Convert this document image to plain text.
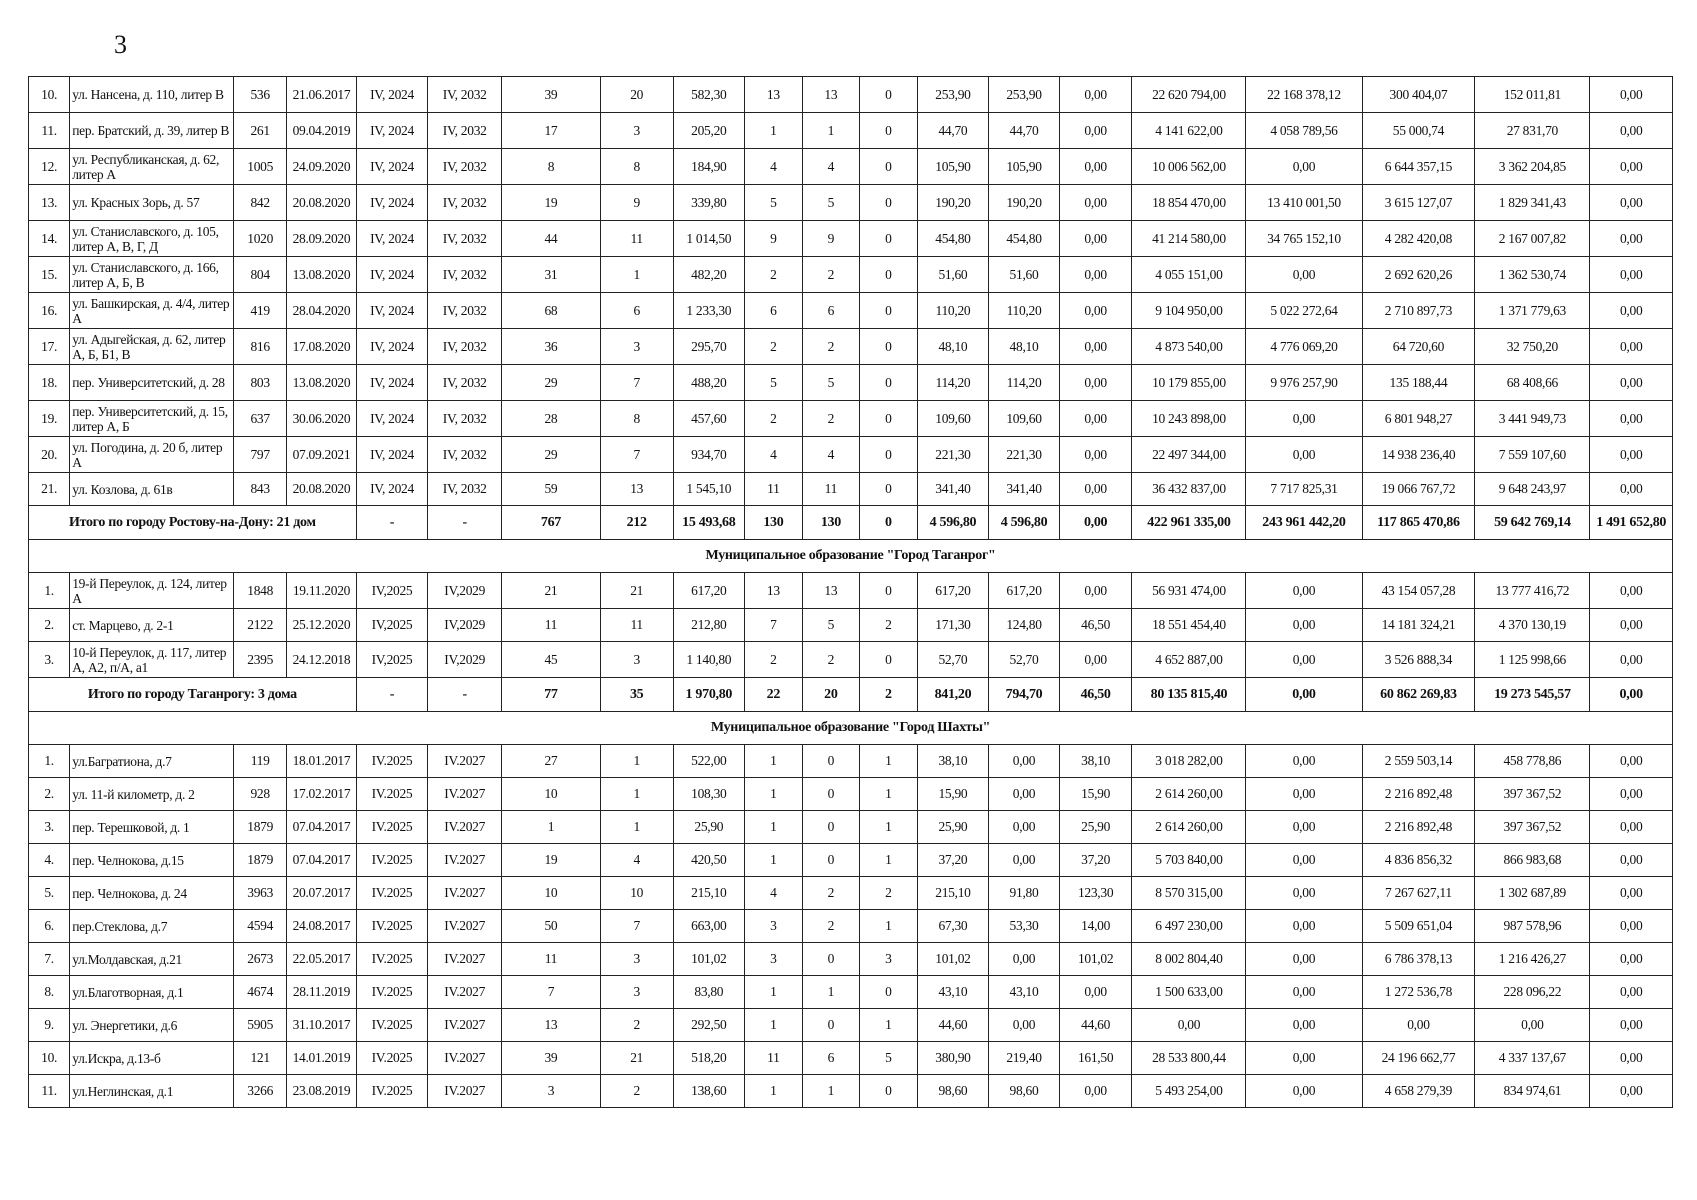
3
10.	ул. Нансена, д. 110, литер В	536	21.06.2017	IV, 2024	IV, 2032	39	20	582,30	13	13	0	253,90	253,90	0,00	22 620 794,00	22 168 378,12	300 404,07	152 011,81	0,00
11.	пер. Братский, д. 39, литер В	261	09.04.2019	IV, 2024	IV, 2032	17	3	205,20	1	1	0	44,70	44,70	0,00	4 141 622,00	4 058 789,56	55 000,74	27 831,70	0,00
12.	ул. Республиканская, д. 62, литер А	1005	24.09.2020	IV, 2024	IV, 2032	8	8	184,90	4	4	0	105,90	105,90	0,00	10 006 562,00	0,00	6 644 357,15	3 362 204,85	0,00
13.	ул. Красных Зорь, д. 57	842	20.08.2020	IV, 2024	IV, 2032	19	9	339,80	5	5	0	190,20	190,20	0,00	18 854 470,00	13 410 001,50	3 615 127,07	1 829 341,43	0,00
14.	ул. Станиславского, д. 105, литер А, В, Г, Д	1020	28.09.2020	IV, 2024	IV, 2032	44	11	1 014,50	9	9	0	454,80	454,80	0,00	41 214 580,00	34 765 152,10	4 282 420,08	2 167 007,82	0,00
15.	ул. Станиславского, д. 166, литер А, Б, В	804	13.08.2020	IV, 2024	IV, 2032	31	1	482,20	2	2	0	51,60	51,60	0,00	4 055 151,00	0,00	2 692 620,26	1 362 530,74	0,00
16.	ул. Башкирская, д. 4/4, литер А	419	28.04.2020	IV, 2024	IV, 2032	68	6	1 233,30	6	6	0	110,20	110,20	0,00	9 104 950,00	5 022 272,64	2 710 897,73	1 371 779,63	0,00
17.	ул. Адыгейская, д. 62, литер А, Б, Б1, В	816	17.08.2020	IV, 2024	IV, 2032	36	3	295,70	2	2	0	48,10	48,10	0,00	4 873 540,00	4 776 069,20	64 720,60	32 750,20	0,00
18.	пер. Университетский, д. 28	803	13.08.2020	IV, 2024	IV, 2032	29	7	488,20	5	5	0	114,20	114,20	0,00	10 179 855,00	9 976 257,90	135 188,44	68 408,66	0,00
19.	пер. Университетский, д. 15, литер А, Б	637	30.06.2020	IV, 2024	IV, 2032	28	8	457,60	2	2	0	109,60	109,60	0,00	10 243 898,00	0,00	6 801 948,27	3 441 949,73	0,00
20.	ул. Погодина, д. 20 б, литер А	797	07.09.2021	IV, 2024	IV, 2032	29	7	934,70	4	4	0	221,30	221,30	0,00	22 497 344,00	0,00	14 938 236,40	7 559 107,60	0,00
21.	ул. Козлова, д. 61в	843	20.08.2020	IV, 2024	IV, 2032	59	13	1 545,10	11	11	0	341,40	341,40	0,00	36 432 837,00	7 717 825,31	19 066 767,72	9 648 243,97	0,00
Итого по городу Ростову-на-Дону: 21 дом				-	-	767	212	15 493,68	130	130	0	4 596,80	4 596,80	0,00	422 961 335,00	243 961 442,20	117 865 470,86	59 642 769,14	1 491 652,80
Муниципальное образование "Город Таганрог"																			
1.	19-й Переулок, д. 124, литер А	1848	19.11.2020	IV,2025	IV,2029	21	21	617,20	13	13	0	617,20	617,20	0,00	56 931 474,00	0,00	43 154 057,28	13 777 416,72	0,00
2.	ст. Марцево, д. 2-1	2122	25.12.2020	IV,2025	IV,2029	11	11	212,80	7	5	2	171,30	124,80	46,50	18 551 454,40	0,00	14 181 324,21	4 370 130,19	0,00
3.	10-й Переулок, д. 117, литер А, А2, п/А, а1	2395	24.12.2018	IV,2025	IV,2029	45	3	1 140,80	2	2	0	52,70	52,70	0,00	4 652 887,00	0,00	3 526 888,34	1 125 998,66	0,00
Итого по городу Таганрогу: 3 дома				-	-	77	35	1 970,80	22	20	2	841,20	794,70	46,50	80 135 815,40	0,00	60 862 269,83	19 273 545,57	0,00
Муниципальное образование "Город Шахты"																			
1.	ул.Багратиона, д.7	119	18.01.2017	IV.2025	IV.2027	27	1	522,00	1	0	1	38,10	0,00	38,10	3 018 282,00	0,00	2 559 503,14	458 778,86	0,00
2.	ул. 11-й километр, д. 2	928	17.02.2017	IV.2025	IV.2027	10	1	108,30	1	0	1	15,90	0,00	15,90	2 614 260,00	0,00	2 216 892,48	397 367,52	0,00
3.	пер. Терешковой, д. 1	1879	07.04.2017	IV.2025	IV.2027	1	1	25,90	1	0	1	25,90	0,00	25,90	2 614 260,00	0,00	2 216 892,48	397 367,52	0,00
4.	пер. Челнокова, д.15	1879	07.04.2017	IV.2025	IV.2027	19	4	420,50	1	0	1	37,20	0,00	37,20	5 703 840,00	0,00	4 836 856,32	866 983,68	0,00
5.	пер. Челнокова, д. 24	3963	20.07.2017	IV.2025	IV.2027	10	10	215,10	4	2	2	215,10	91,80	123,30	8 570 315,00	0,00	7 267 627,11	1 302 687,89	0,00
6.	пер.Стеклова, д.7	4594	24.08.2017	IV.2025	IV.2027	50	7	663,00	3	2	1	67,30	53,30	14,00	6 497 230,00	0,00	5 509 651,04	987 578,96	0,00
7.	ул.Молдавская, д.21	2673	22.05.2017	IV.2025	IV.2027	11	3	101,02	3	0	3	101,02	0,00	101,02	8 002 804,40	0,00	6 786 378,13	1 216 426,27	0,00
8.	ул.Благотворная, д.1	4674	28.11.2019	IV.2025	IV.2027	7	3	83,80	1	1	0	43,10	43,10	0,00	1 500 633,00	0,00	1 272 536,78	228 096,22	0,00
9.	ул. Энергетики, д.6	5905	31.10.2017	IV.2025	IV.2027	13	2	292,50	1	0	1	44,60	0,00	44,60	0,00	0,00	0,00	0,00	0,00
10.	ул.Искра, д.13-б	121	14.01.2019	IV.2025	IV.2027	39	21	518,20	11	6	5	380,90	219,40	161,50	28 533 800,44	0,00	24 196 662,77	4 337 137,67	0,00
11.	ул.Неглинская, д.1	3266	23.08.2019	IV.2025	IV.2027	3	2	138,60	1	1	0	98,60	98,60	0,00	5 493 254,00	0,00	4 658 279,39	834 974,61	0,00
